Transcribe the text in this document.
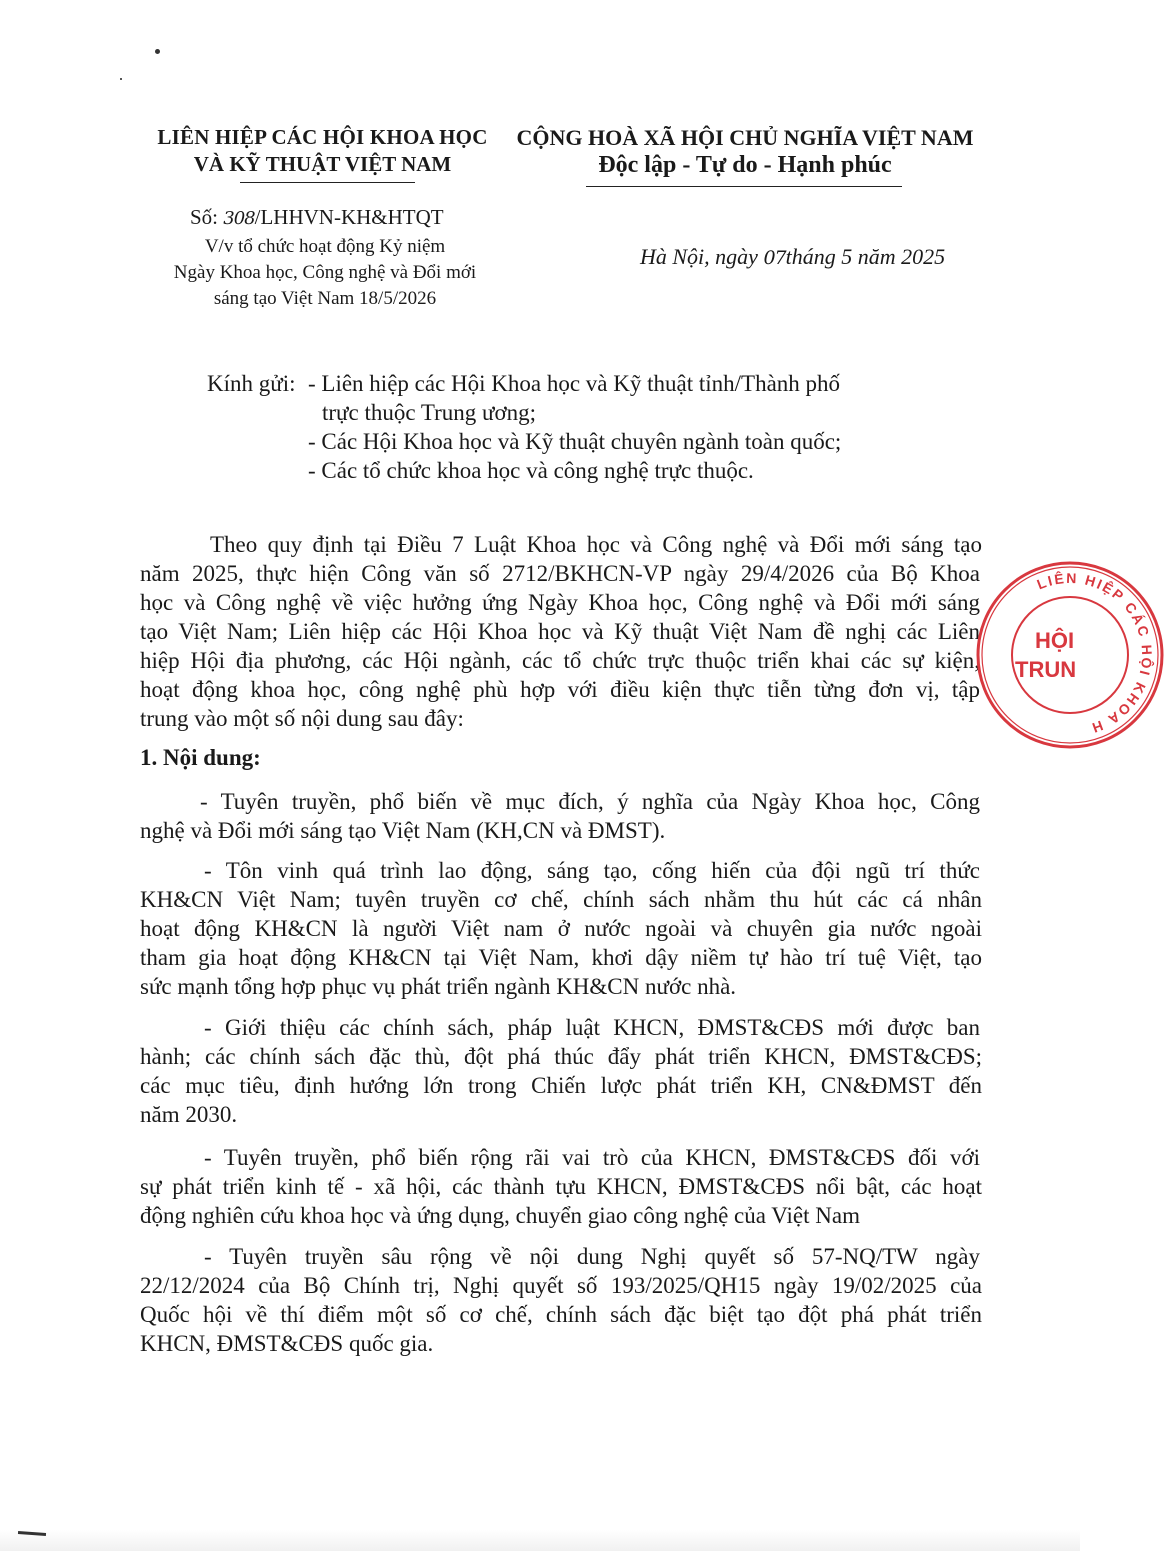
LIÊN HIỆP CÁC HỘI KHOA HỌC
VÀ KỸ THUẬT VIỆT NAM
CỘNG HOÀ XÃ HỘI CHỦ NGHĨA VIỆT NAM
Độc lập - Tự do - Hạnh phúc
Số: 308/LHHVN-KH&HTQT
V/v tổ chức hoạt động Kỷ niệm
Ngày Khoa học, Công nghệ và Đổi mới
sáng tạo Việt Nam 18/5/2026
Hà Nội, ngày 07tháng 5 năm 2025
Kính gửi: - Liên hiệp các Hội Khoa học và Kỹ thuật tỉnh/Thành phố
trực thuộc Trung ương;
- Các Hội Khoa học và Kỹ thuật chuyên ngành toàn quốc;
- Các tổ chức khoa học và công nghệ trực thuộc.
Theo quy định tại Điều 7 Luật Khoa học và Công nghệ và Đổi mới sáng tạo
năm 2025, thực hiện Công văn số 2712/BKHCN-VP ngày 29/4/2026 của Bộ Khoa
học và Công nghệ về việc hưởng ứng Ngày Khoa học, Công nghệ và Đổi mới sáng
tạo Việt Nam; Liên hiệp các Hội Khoa học và Kỹ thuật Việt Nam đề nghị các Liên
hiệp Hội địa phương, các Hội ngành, các tổ chức trực thuộc triển khai các sự kiện,
hoạt động khoa học, công nghệ phù hợp với điều kiện thực tiễn từng đơn vị, tập
trung vào một số nội dung sau đây:
1. Nội dung:
- Tuyên truyền, phổ biến về mục đích, ý nghĩa của Ngày Khoa học, Công
nghệ và Đổi mới sáng tạo Việt Nam (KH,CN và ĐMST).
- Tôn vinh quá trình lao động, sáng tạo, cống hiến của đội ngũ trí thức
KH&CN Việt Nam; tuyên truyền cơ chế, chính sách nhằm thu hút các cá nhân
hoạt động KH&CN là người Việt nam ở nước ngoài và chuyên gia nước ngoài
tham gia hoạt động KH&CN tại Việt Nam, khơi dậy niềm tự hào trí tuệ Việt, tạo
sức mạnh tổng hợp phục vụ phát triển ngành KH&CN nước nhà.
- Giới thiệu các chính sách, pháp luật KHCN, ĐMST&CĐS mới được ban
hành; các chính sách đặc thù, đột phá thúc đẩy phát triển KHCN, ĐMST&CĐS;
các mục tiêu, định hướng lớn trong Chiến lược phát triển KH, CN&ĐMST đến
năm 2030.
- Tuyên truyền, phổ biến rộng rãi vai trò của KHCN, ĐMST&CĐS đối với
sự phát triển kinh tế - xã hội, các thành tựu KHCN, ĐMST&CĐS nổi bật, các hoạt
động nghiên cứu khoa học và ứng dụng, chuyển giao công nghệ của Việt Nam
- Tuyên truyền sâu rộng về nội dung Nghị quyết số 57-NQ/TW ngày
22/12/2024 của Bộ Chính trị, Nghị quyết số 193/2025/QH15 ngày 19/02/2025 của
Quốc hội về thí điểm một số cơ chế, chính sách đặc biệt tạo đột phá phát triển
KHCN, ĐMST&CĐS quốc gia.
LIÊN HIỆP CÁC HỘI KHOA H
HỘI
TRUN
